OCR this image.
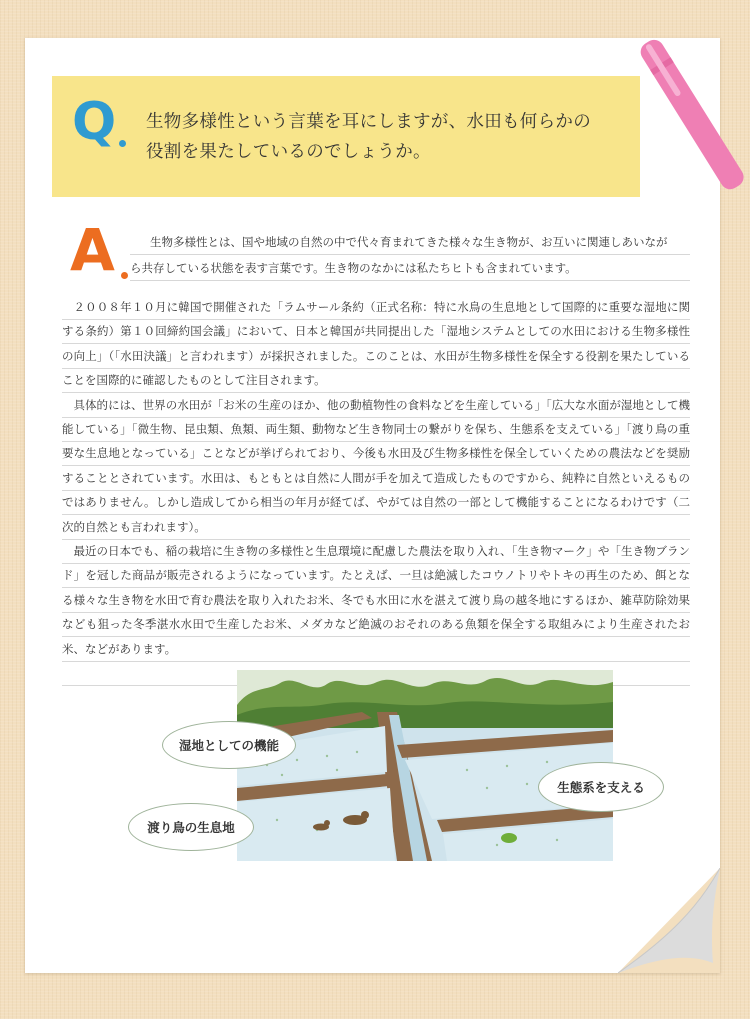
Q 生物多様性という言葉を耳にしますが、水田も何らかの
役割を果たしているのでしょうか。
A	生物多様性とは、国や地域の自然の中で代々育まれてきた様々な生き物が、お互いに関連しあいなが
ら共存している状態を表す言葉です。生き物のなかには私たちヒトも含まれています。

２００８年１０月に韓国で開催された「ラムサール条約（正式名称：特に水鳥の生息地として国際的に重要な湿地に関する条約）第１０回締約国会議」において、日本と韓国が共同提出した「湿地システムとしての水田における生物多様性の向上」（「水田決議」と言われます）が採択されました。このことは、水田が生物多様性を保全する役割を果たしていることを国際的に確認したものとして注目されます。

具体的には、世界の水田が「お米の生産のほか、他の動植物性の食料などを生産している」「広大な水面が湿地として機能している」「微生物、昆虫類、魚類、両生類、動物など生き物同士の繋がりを保ち、生態系を支えている」「渡り鳥の重要な生息地となっている」ことなどが挙げられており、今後も水田及び生物多様性を保全していくための農法などを奨励することとされています。水田は、もともとは自然に人間が手を加えて造成したものですから、純粋に自然といえるものではありません。しかし造成してから相当の年月が経てば、やがては自然の一部として機能することになるわけです（二次的自然とも言われます）。

最近の日本でも、稲の栽培に生き物の多様性と生息環境に配慮した農法を取り入れ、「生き物マーク」や「生き物ブランド」を冠した商品が販売されるようになっています。たとえば、一旦は絶滅したコウノトリやトキの再生のため、餌となる様々な生き物を水田で育む農法を取り入れたお米、冬でも水田に水を湛えて渡り鳥の越冬地にするほか、雑草防除効果なども狙った冬季湛水水田で生産したお米、メダカなど絶滅のおそれのある魚類を保全する取組みにより生産されたお米、などがあります。

湿地としての機能
生態系を支える
渡り鳥の生息地
